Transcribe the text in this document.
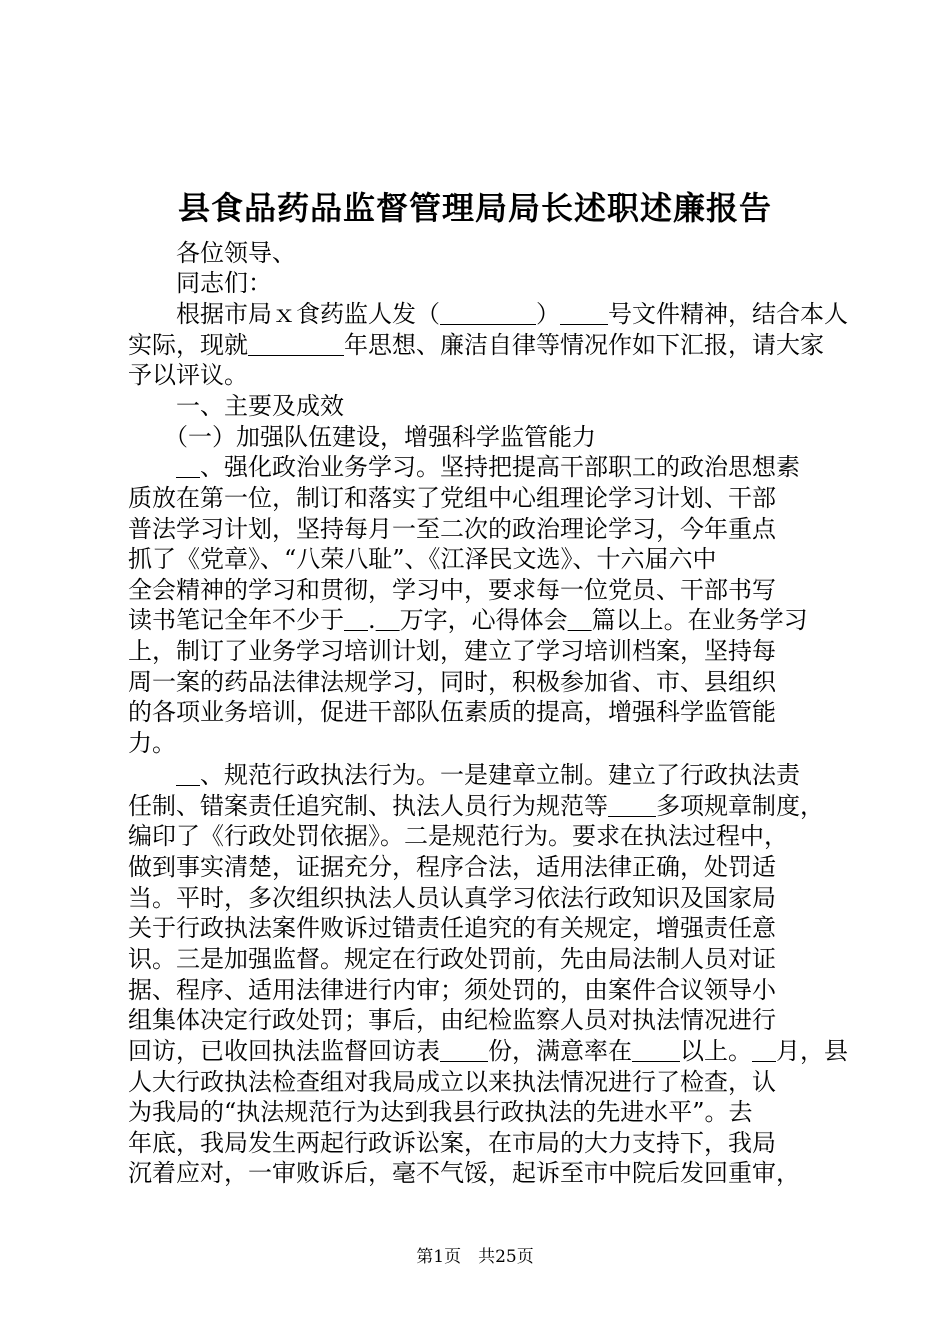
县食品药品监督管理局局长述职述廉报告
　　各位领导、
　　同志们：
　　根据市局ｘ食药监人发（＿＿＿＿）＿＿号文件精神，结合本人
实际，现就＿＿＿＿年思想、廉洁自律等情况作如下汇报，请大家
予以评议。
　　一、主要及成效
　　（一）加强队伍建设，增强科学监管能力
　　＿、强化政治业务学习。坚持把提高干部职工的政治思想素
质放在第一位，制订和落实了党组中心组理论学习计划、干部
普法学习计划，坚持每月一至二次的政治理论学习，今年重点
抓了《党章》、“八荣八耻”、《江泽民文选》、十六届六中
全会精神的学习和贯彻，学习中，要求每一位党员、干部书写
读书笔记全年不少于＿.＿万字，心得体会＿篇以上。在业务学习
上，制订了业务学习培训计划，建立了学习培训档案，坚持每
周一案的药品法律法规学习，同时，积极参加省、市、县组织
的各项业务培训，促进干部队伍素质的提高，增强科学监管能
力。
　　＿、规范行政执法行为。一是建章立制。建立了行政执法责
任制、错案责任追究制、执法人员行为规范等＿＿多项规章制度，
编印了《行政处罚依据》。二是规范行为。要求在执法过程中，
做到事实清楚，证据充分，程序合法，适用法律正确，处罚适
当。平时，多次组织执法人员认真学习依法行政知识及国家局
关于行政执法案件败诉过错责任追究的有关规定，增强责任意
识。三是加强监督。规定在行政处罚前，先由局法制人员对证
据、程序、适用法律进行内审；须处罚的，由案件合议领导小
组集体决定行政处罚；事后，由纪检监察人员对执法情况进行
回访，已收回执法监督回访表＿＿份，满意率在＿＿以上。＿月，县
人大行政执法检查组对我局成立以来执法情况进行了检查，认
为我局的“执法规范行为达到我县行政执法的先进水平”。去
年底，我局发生两起行政诉讼案，在市局的大力支持下，我局
沉着应对，一审败诉后，毫不气馁，起诉至市中院后发回重审，
第1页　共25页
